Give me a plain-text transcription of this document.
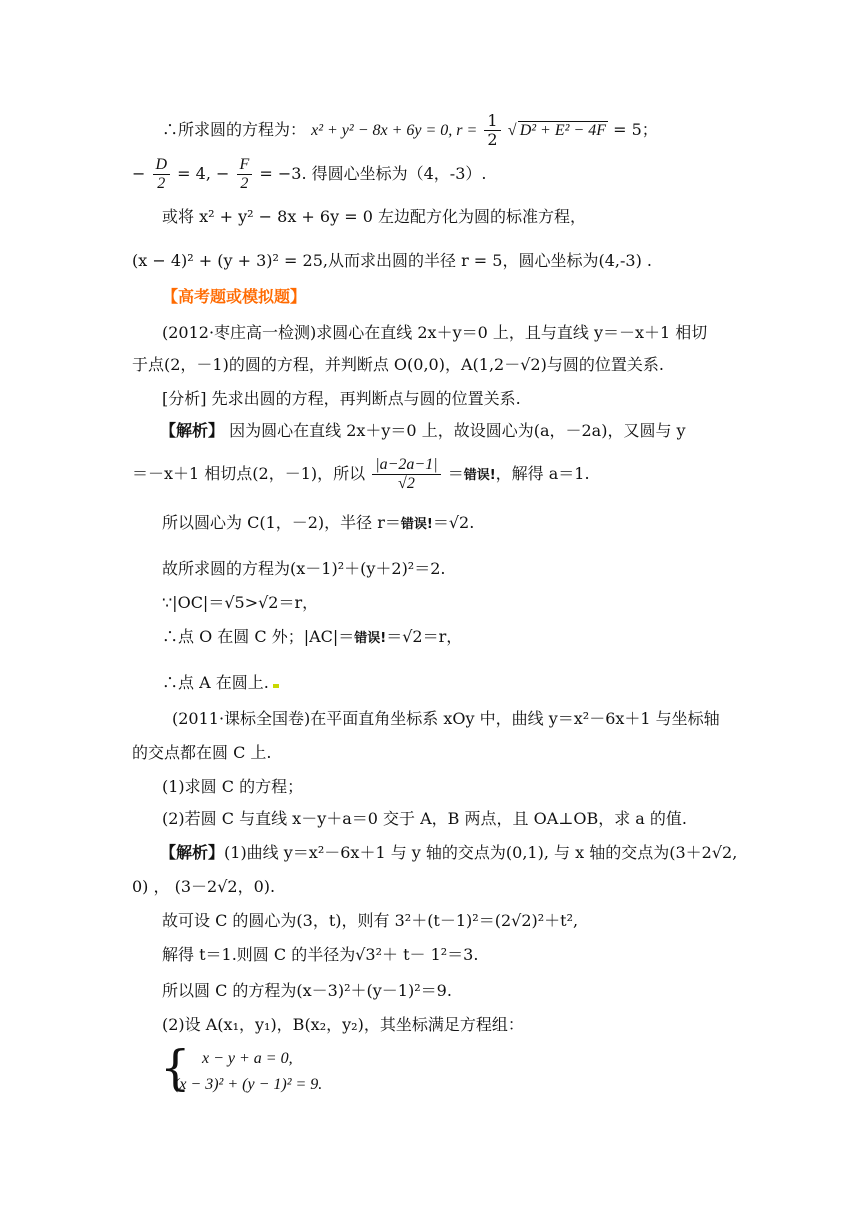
∴所求圆的方程为： x² + y² − 8x + 6y = 0, $r = \frac{1}{2}$
√ D² + E² − 4F = 5；
− $\frac{D}{2} = 4$, − $\frac{F}{2} = -3$. 得圆心坐标为（4，-3）.
或将 x² + y² − 8x + 6y = 0 左边配方化为圆的标准方程，
(x − 4)² + (y + 3)² = 25,从而求出圆的半径 r = 5，圆心坐标为(4,-3) .
【高考题或模拟题】
(2012·枣庄高一检测)求圆心在直线 2x＋y＝0 上，且与直线 y＝－x＋1 相切
于点(2，－1)的圆的方程，并判断点 O(0,0)，A(1,2－√2)与圆的位置关系.
[分析] 先求出圆的方程，再判断点与圆的位置关系.
【解析】 因为圆心在直线 2x＋y＝0 上，故设圆心为(a，－2a)，又圆与 y
＝－x＋1 相切点(2，－1)，所以 $\frac{|a-2a-1|}{√2}$ ＝错误!，解得 a＝1.
所以圆心为 C(1，－2)，半径 r＝错误!＝√2.
故所求圆的方程为(x－1)²＋(y＋2)²＝2.
∵|OC|＝√5>√2＝r，
∴点 O 在圆 C 外；|AC|＝错误!＝√2＝r，
∴点 A 在圆上.
(2011·课标全国卷)在平面直角坐标系 xOy 中，曲线 y＝x²－6x＋1 与坐标轴
的交点都在圆 C 上.
(1)求圆 C 的方程；
(2)若圆 C 与直线 x－y＋a＝0 交于 A，B 两点，且 OA⊥OB，求 a 的值.
【解析】(1)曲线 y＝x²－6x＋1 与 y 轴的交点为(0,1), 与 x 轴的交点为(3＋2√2,
0) ， (3－2√2，0).
故可设 C 的圆心为(3，t)，则有 3²＋(t－1)²＝(2√2)²＋t²,
解得 t＝1.则圆 C 的半径为√3²＋ t－ 1²＝3.
所以圆 C 的方程为(x－3)²＋(y－1)²＝9.
(2)设 A(x₁，y₁)，B(x₂，y₂)，其坐标满足方程组：
{ x − y + a = 0,
(x − 3)² + (y − 1)² = 9.
